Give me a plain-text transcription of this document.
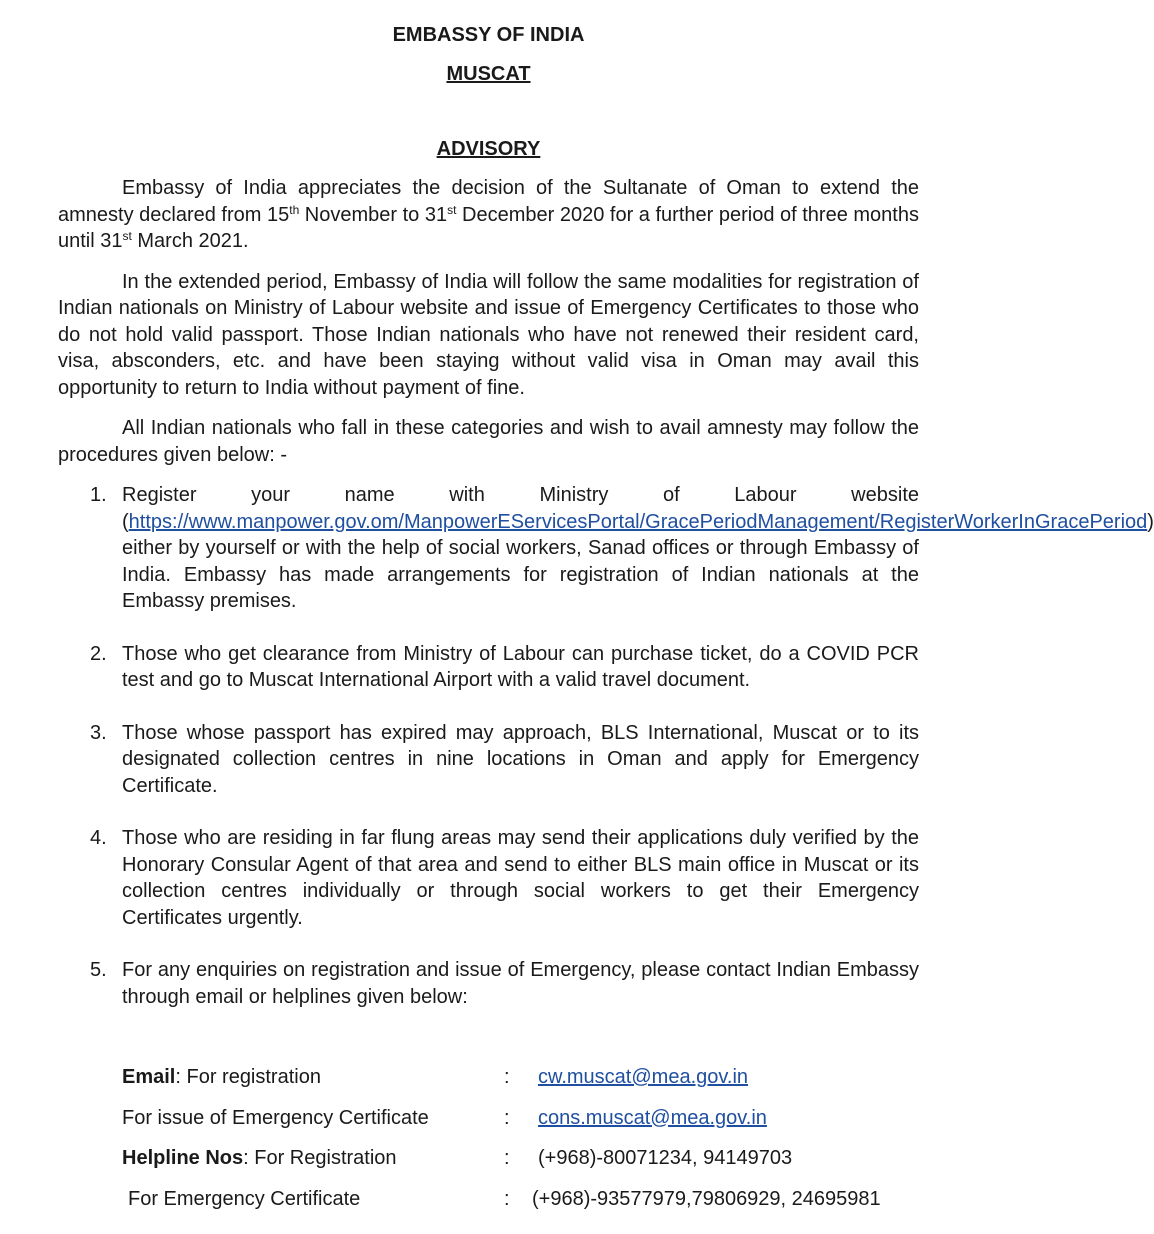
EMBASSY OF INDIA
MUSCAT
ADVISORY

Embassy of India appreciates the decision of the Sultanate of Oman to extend the amnesty declared from 15th November to 31st December 2020 for a further period of three months until 31st March 2021.

In the extended period, Embassy of India will follow the same modalities for registration of Indian nationals on Ministry of Labour website and issue of Emergency Certificates to those who do not hold valid passport. Those Indian nationals who have not renewed their resident card, visa, absconders, etc. and have been staying without valid visa in Oman may avail this opportunity to return to India without payment of fine.

All Indian nationals who fall in these categories and wish to avail amnesty may follow the procedures given below: -

1. Register your name with Ministry of Labour website (https://www.manpower.gov.om/ManpowerEServicesPortal/GracePeriodManagement/RegisterWorkerInGracePeriod) either by yourself or with the help of social workers, Sanad offices or through Embassy of India. Embassy has made arrangements for registration of Indian nationals at the Embassy premises.
2. Those who get clearance from Ministry of Labour can purchase ticket, do a COVID PCR test and go to Muscat International Airport with a valid travel document.
3. Those whose passport has expired may approach, BLS International, Muscat or to its designated collection centres in nine locations in Oman and apply for Emergency Certificate.
4. Those who are residing in far flung areas may send their applications duly verified by the Honorary Consular Agent of that area and send to either BLS main office in Muscat or its collection centres individually or through social workers to get their Emergency Certificates urgently.
5. For any enquiries on registration and issue of Emergency, please contact Indian Embassy through email or helplines given below:
Email: For registration	: cw.muscat@mea.gov.in
For issue of Emergency Certificate	: cons.muscat@mea.gov.in
Helpline Nos: For Registration	: (+968)-80071234, 94149703
For Emergency Certificate	: (+968)-93577979,79806929, 24695981
